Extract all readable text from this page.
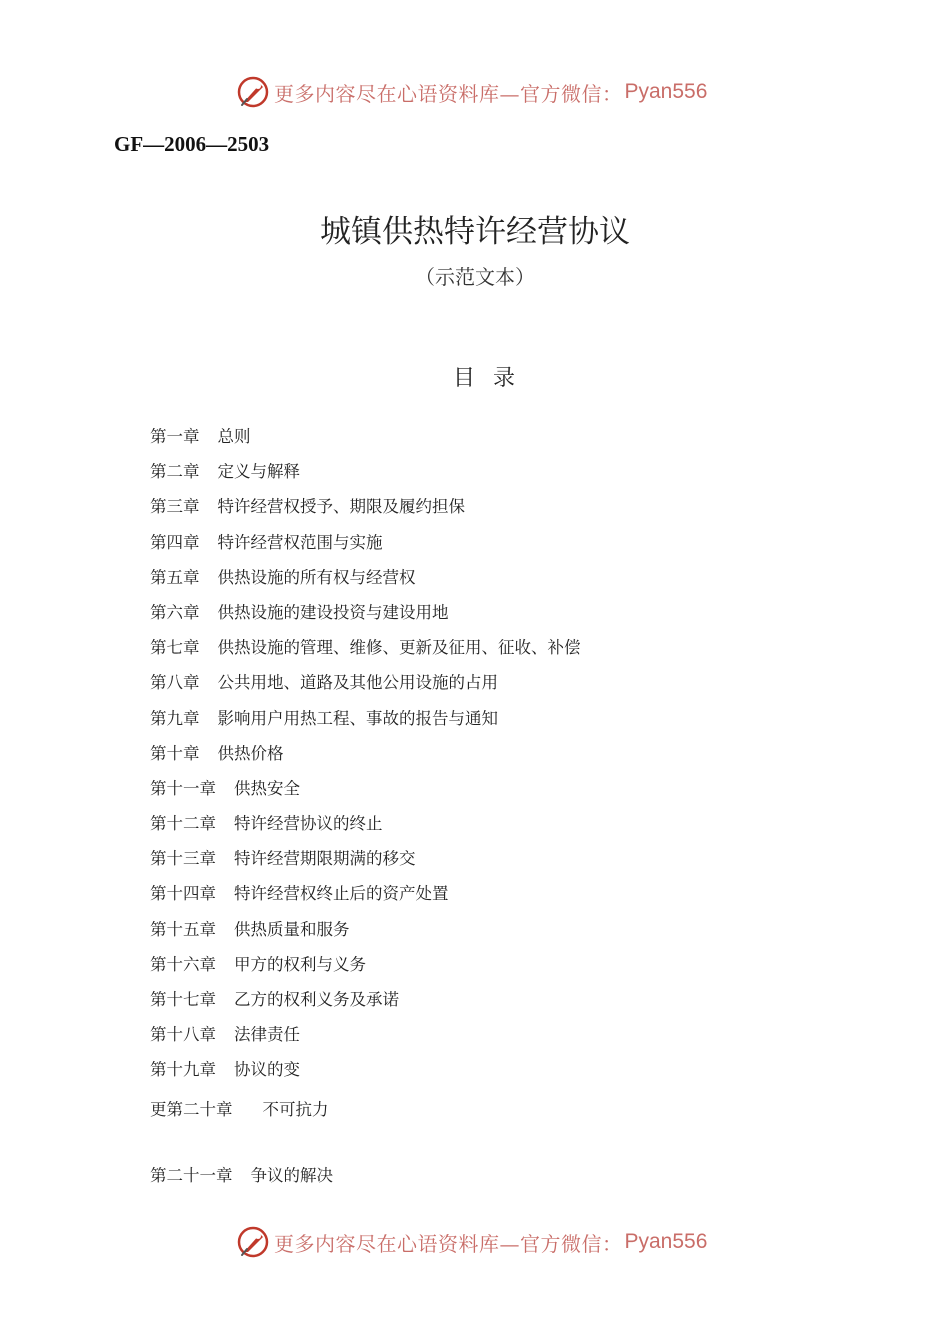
更多内容尽在心语资料库—官方微信： Pyan556
GF—2006—2503
城镇供热特许经营协议
（示范文本）
目录
第一章 总则
第二章 定义与解释
第三章 特许经营权授予、期限及履约担保
第四章 特许经营权范围与实施
第五章 供热设施的所有权与经营权
第六章 供热设施的建设投资与建设用地
第七章 供热设施的管理、维修、更新及征用、征收、补偿
第八章 公共用地、道路及其他公用设施的占用
第九章 影响用户用热工程、事故的报告与通知
第十章 供热价格
第十一章 供热安全
第十二章 特许经营协议的终止
第十三章 特许经营期限期满的移交
第十四章 特许经营权终止后的资产处置
第十五章 供热质量和服务
第十六章 甲方的权利与义务
第十七章 乙方的权利义务及承诺
第十八章 法律责任
第十九章 协议的变
更第二十章 不可抗力
第二十一章 争议的解决
更多内容尽在心语资料库—官方微信： Pyan556
